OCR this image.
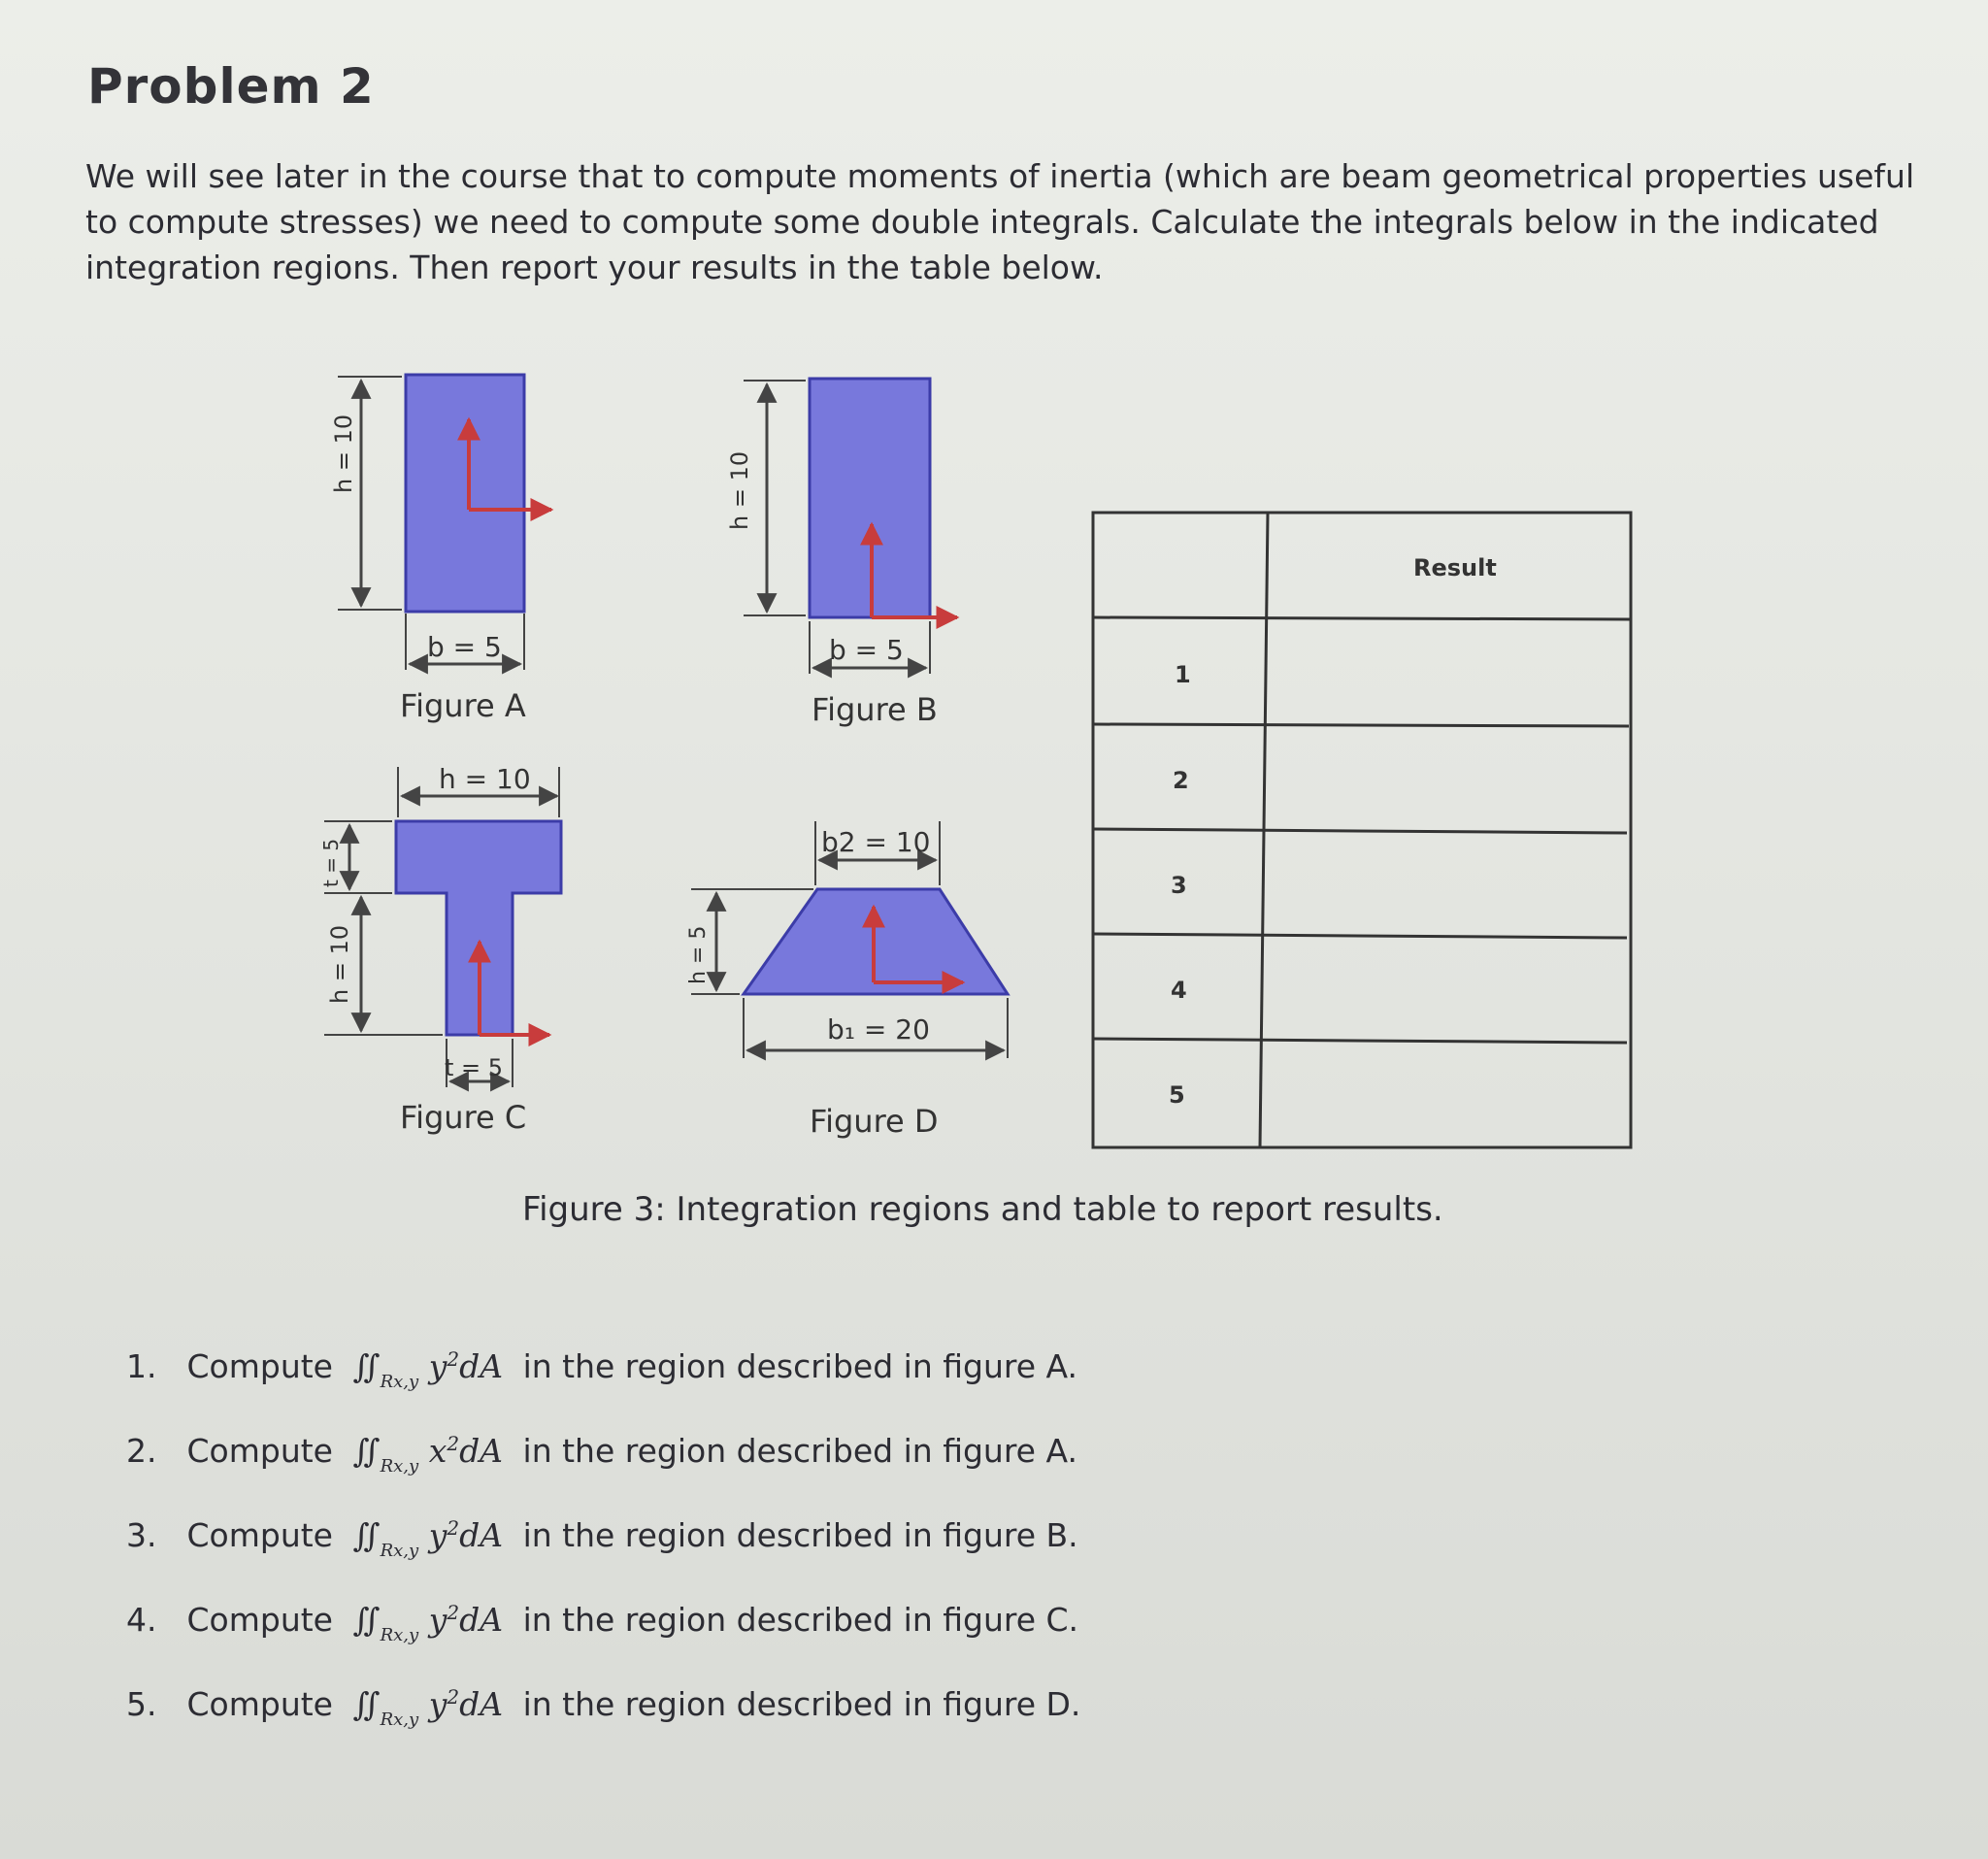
Problem 2

We will see later in the course that to compute moments of inertia (which are beam geometrical properties useful
to compute stresses) we need to compute some double integrals. Calculate the integrals below in the indicated
integration regions. Then report your results in the table below.

h = 10
b = 5
Figure A
h = 10
b = 5
Figure B
h = 10
t = 5
h = 10
t = 5
Figure C
b2 = 10
h = 5
b₁ = 20
Figure D
Result
1
2
3
4
5
Figure 3: Integration regions and table to report results.
1. Compute $∬_{Rx,y}$ $y^2dA$ in the region described in figure A.
2. Compute $∬_{Rx,y}$ $x^2dA$ in the region described in figure A.
3. Compute $∬_{Rx,y}$ $y^2dA$ in the region described in figure B.
4. Compute $∬_{Rx,y}$ $y^2dA$ in the region described in figure C.
5. Compute $∬_{Rx,y}$ $y^2dA$ in the region described in figure D.
